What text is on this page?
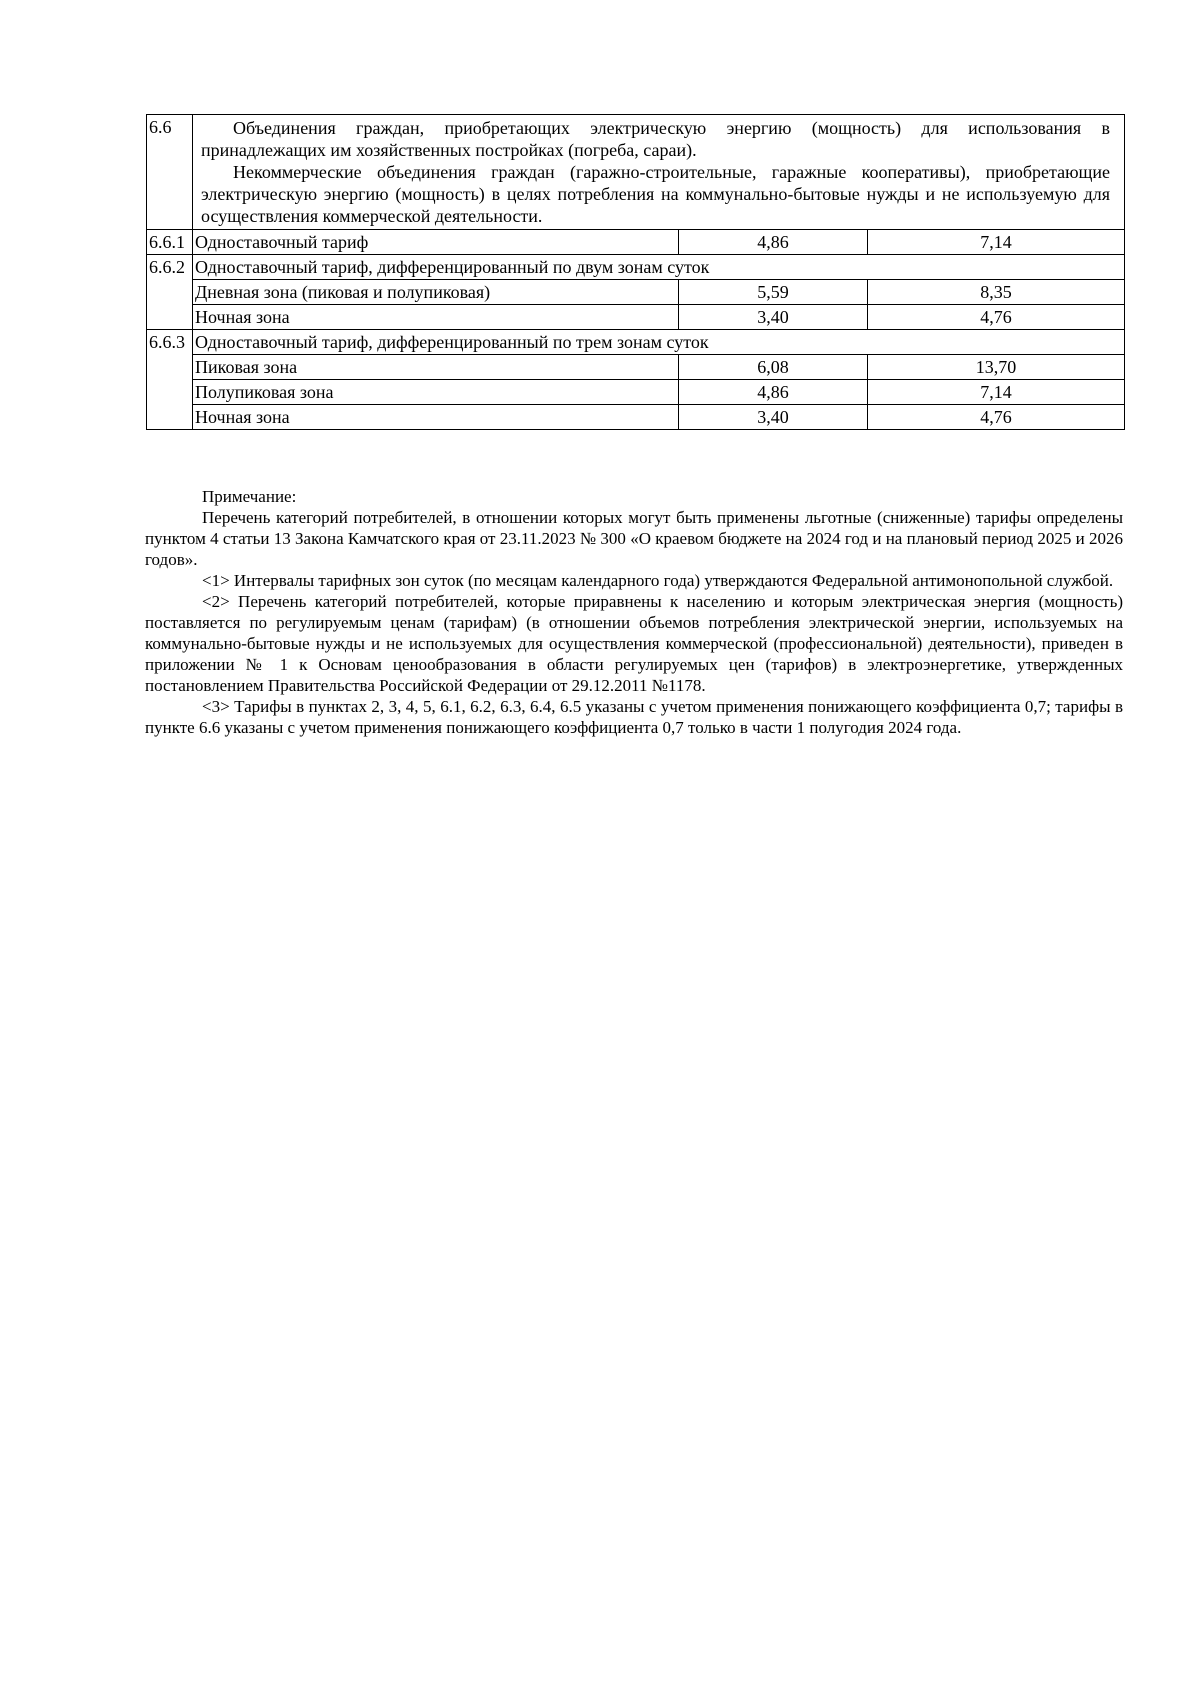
6.6	Объединения граждан, приобретающих электрическую энергию (мощность) для использования в принадлежащих им хозяйственных постройках (погреба, сараи).

Некоммерческие объединения граждан (гаражно-строительные, гаражные кооперативы), приобретающие электрическую энергию (мощность) в целях потребления на коммунально-бытовые нужды и не используемую для осуществления коммерческой деятельности.		

6.6.1	Одноставочный тариф	4,86	7,14
6.6.2	Одноставочный тариф, дифференцированный по двум зонам суток		
	Дневная зона (пиковая и полупиковая)	5,59	8,35
	Ночная зона	3,40	4,76
6.6.3	Одноставочный тариф, дифференцированный по трем зонам суток		
	Пиковая зона	6,08	13,70
	Полупиковая зона	4,86	7,14
	Ночная зона	3,40	4,76

Примечание:

Перечень категорий потребителей, в отношении которых могут быть применены льготные (сниженные) тарифы определены пунктом 4 статьи 13 Закона Камчатского края от 23.11.2023 № 300 «О краевом бюджете на 2024 год и на плановый период 2025 и 2026 годов».

<1> Интервалы тарифных зон суток (по месяцам календарного года) утверждаются Федеральной антимонопольной службой.

<2> Перечень категорий потребителей, которые приравнены к населению и которым электрическая энергия (мощность) поставляется по регулируемым ценам (тарифам) (в отношении объемов потребления электрической энергии, используемых на коммунально-бытовые нужды и не используемых для осуществления коммерческой (профессиональной) деятельности), приведен в приложении № 1 к Основам ценообразования в области регулируемых цен (тарифов) в электроэнергетике, утвержденных постановлением Правительства Российской Федерации от 29.12.2011 №1178.

<3> Тарифы в пунктах 2, 3, 4, 5, 6.1, 6.2, 6.3, 6.4, 6.5 указаны с учетом применения понижающего коэффициента 0,7; тарифы в пункте 6.6 указаны с учетом применения понижающего коэффициента 0,7 только в части 1 полугодия 2024 года.
